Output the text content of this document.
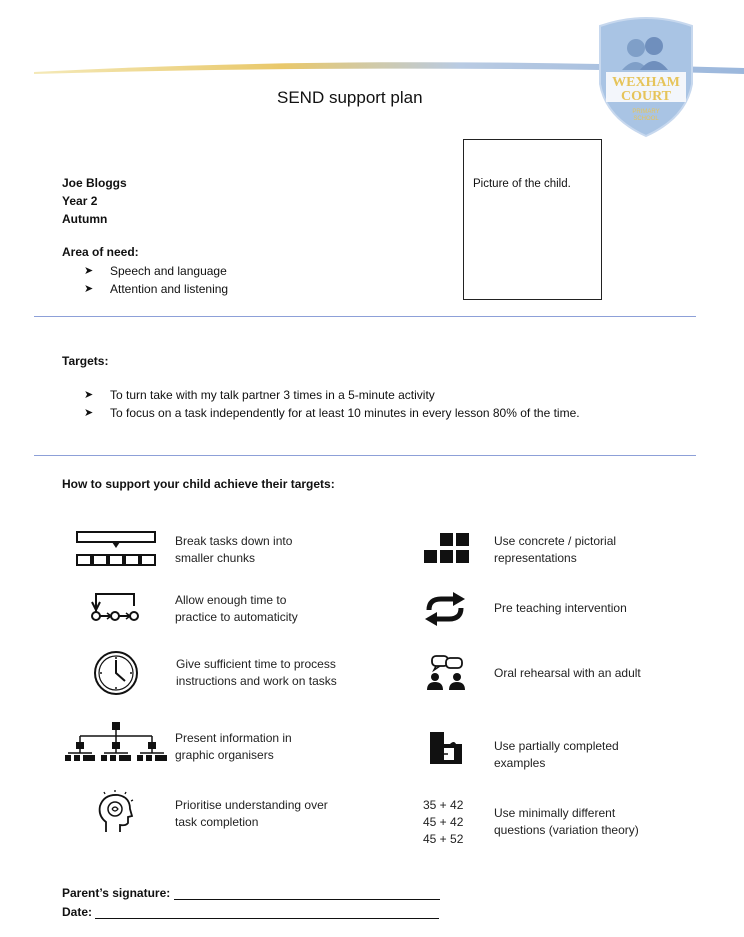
WEXHAM
COURT
PRIMARY
SCHOOL
SEND support plan
Joe Bloggs
Year 2
Autumn
Area of need:
➤ Speech and language
➤ Attention and listening
Picture of the child.
Targets:
➤ To turn take with my talk partner 3 times in a 5-minute activity
➤ To focus on a task independently for at least 10 minutes in every lesson 80% of the time.
How to support your child achieve their targets:
Break tasks down into
smaller chunks
Allow enough time to
practice to automaticity
Give sufficient time to process
instructions and work on tasks
Present information in
graphic organisers
Prioritise understanding over
task completion
Use concrete / pictorial
representations
Pre teaching intervention
Oral rehearsal with an adult
Use partially completed
examples
35 + 42
45 + 42
45 + 52
Use minimally different
questions (variation theory)
Parent’s signature:
Date:
